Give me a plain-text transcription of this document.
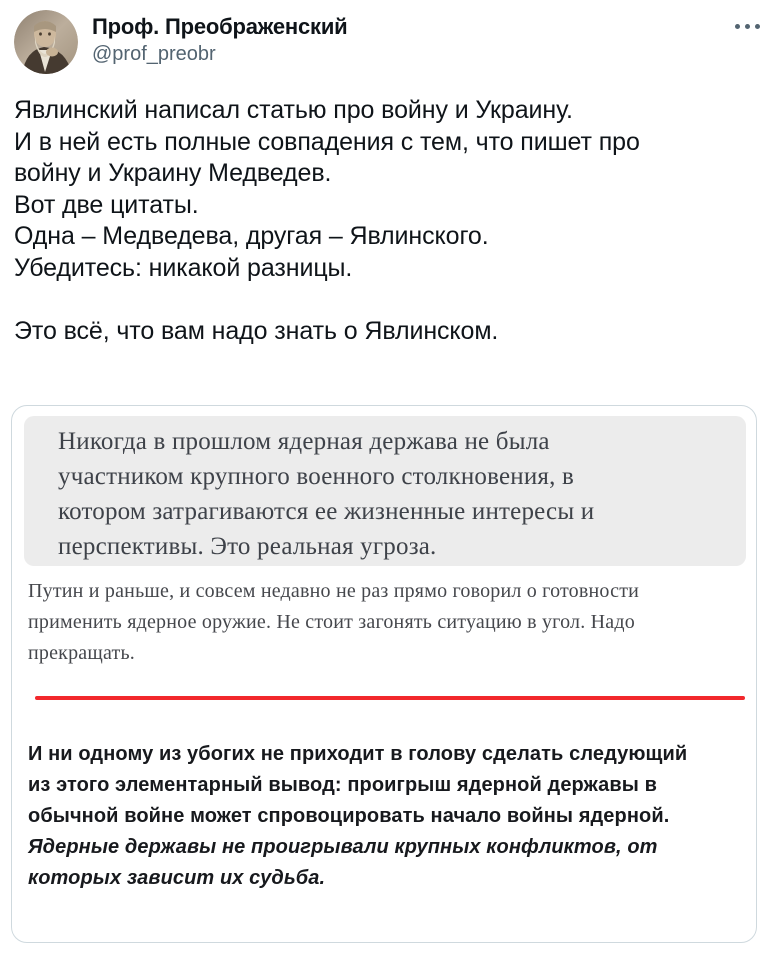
Проф. Преображенский
@prof_preobr
Явлинский написал статью про войну и Украину.
И в ней есть полные совпадения с тем, что пишет про
войну и Украину Медведев.
Вот две цитаты.
Одна – Медведева, другая – Явлинского.
Убедитесь: никакой разницы.
Это всё, что вам надо знать о Явлинском.
Никогда в прошлом ядерная держава не была
участником крупного военного столкновения, в
котором затрагиваются ее жизненные интересы и
перспективы. Это реальная угроза.
Путин и раньше, и совсем недавно не раз прямо говорил о готовности
применить ядерное оружие. Не стоит загонять ситуацию в угол. Надо
прекращать.
И ни одному из убогих не приходит в голову сделать следующий
из этого элементарный вывод: проигрыш ядерной державы в
обычной войне может спровоцировать начало войны ядерной.
Ядерные державы не проигрывали крупных конфликтов, от
которых зависит их судьба.
